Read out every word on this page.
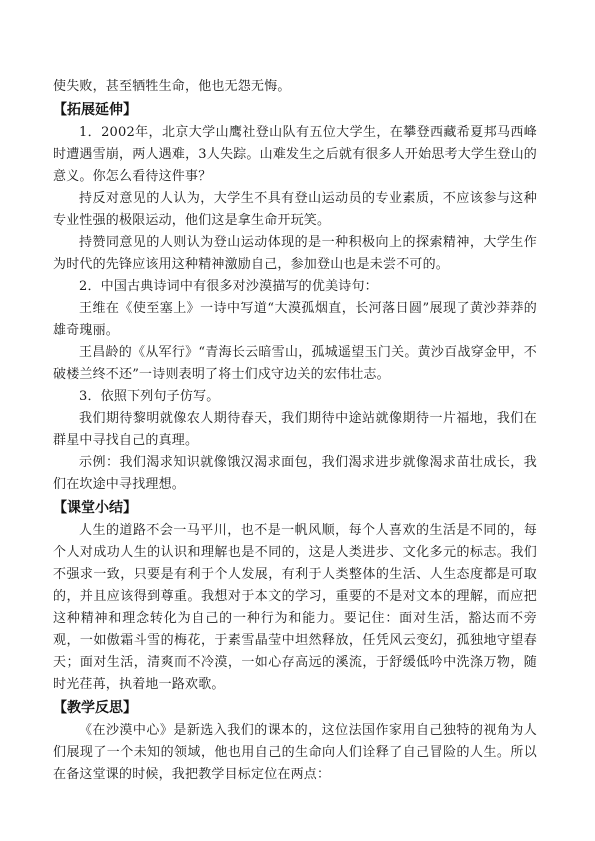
使失败，甚至牺牲生命，他也无怨无悔。

【拓展延伸】

1．2002年，北京大学山鹰社登山队有五位大学生，在攀登西藏希夏邦马西峰时遭遇雪崩，两人遇难，3人失踪。山难发生之后就有很多人开始思考大学生登山的意义。你怎么看待这件事？

持反对意见的人认为，大学生不具有登山运动员的专业素质，不应该参与这种专业性强的极限运动，他们这是拿生命开玩笑。

持赞同意见的人则认为登山运动体现的是一种积极向上的探索精神，大学生作为时代的先锋应该用这种精神激励自己，参加登山也是未尝不可的。

2．中国古典诗词中有很多对沙漠描写的优美诗句：

王维在《使至塞上》一诗中写道“大漠孤烟直，长河落日圆”展现了黄沙莽莽的雄奇瑰丽。

王昌龄的《从军行》“青海长云暗雪山，孤城遥望玉门关。黄沙百战穿金甲，不破楼兰终不还”一诗则表明了将士们戍守边关的宏伟壮志。

3．依照下列句子仿写。

我们期待黎明就像农人期待春天，我们期待中途站就像期待一片福地，我们在群星中寻找自己的真理。

示例：我们渴求知识就像饿汉渴求面包，我们渴求进步就像渴求苗壮成长，我们在坎途中寻找理想。

【课堂小结】

人生的道路不会一马平川，也不是一帆风顺，每个人喜欢的生活是不同的，每个人对成功人生的认识和理解也是不同的，这是人类进步、文化多元的标志。我们不强求一致，只要是有利于个人发展，有利于人类整体的生活、人生态度都是可取的，并且应该得到尊重。我想对于本文的学习，重要的不是对文本的理解，而应把这种精神和理念转化为自己的一种行为和能力。要记住：面对生活，豁达而不旁观，一如傲霜斗雪的梅花，于素雪晶莹中坦然释放，任凭风云变幻，孤独地守望春天；面对生活，清爽而不冷漠，一如心存高远的溪流，于舒缓低吟中洗涤万物，随时光荏苒，执着地一路欢歌。

【教学反思】

《在沙漠中心》是新选入我们的课本的，这位法国作家用自己独特的视角为人们展现了一个未知的领域，他也用自己的生命向人们诠释了自己冒险的人生。所以在备这堂课的时候，我把教学目标定位在两点：
